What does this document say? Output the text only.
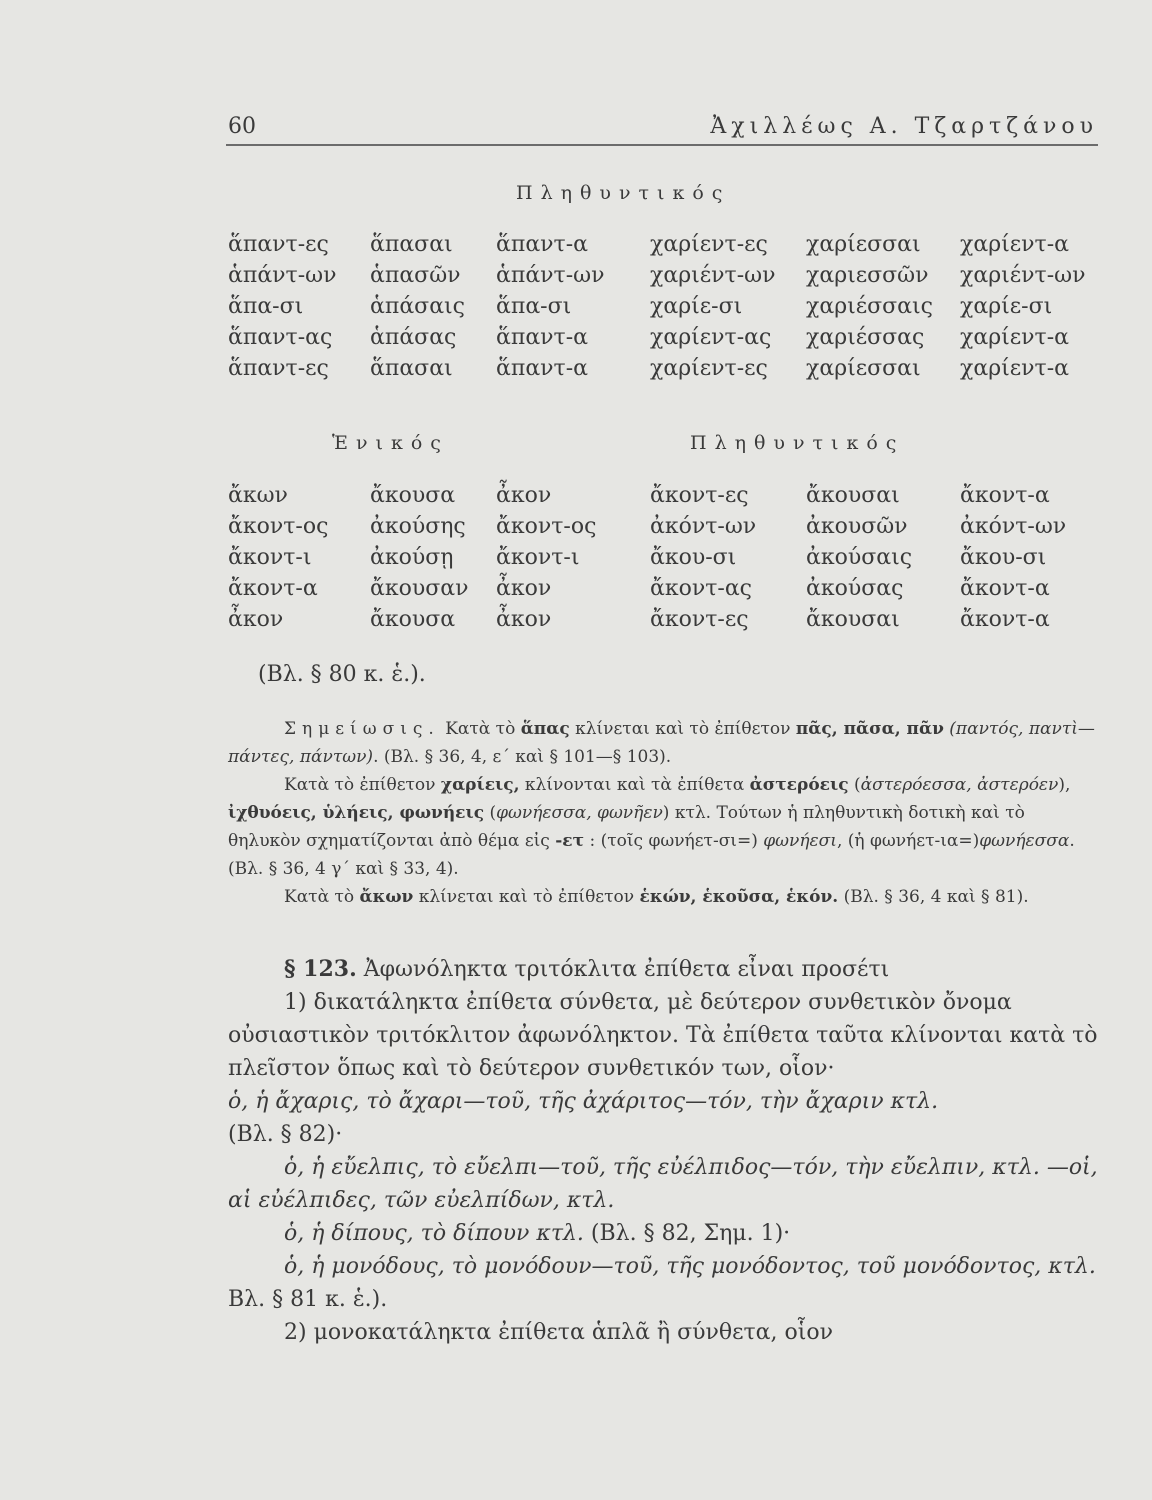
60	Ἀχιλλέως Α. Τζαρτζάνου
Πληθυντικός
ἅπαντ-ες ἅπασαι ἅπαντ-α	χαρίεντ-ες χαρίεσσαι χαρίεντ-α
ἁπάντ-ων ἁπασῶν ἁπάντ-ων χαριέντ-ων χαριεσσῶν χαριέντ-ων
ἅπα-σι	ἁπάσαις ἅπα-σι	χαρίε-σι	χαριέσσαις χαρίε-σι
ἅπαντ-ας ἁπάσας ἅπαντ-α	χαρίεντ-ας χαριέσσας χαρίεντ-α
ἅπαντ-ες ἅπασαι ἅπαντ-α	χαρίεντ-ες χαρίεσσαι χαρίεντ-α
Ἑνικός	Πληθυντικός
ἄκων	ἄκουσα ἆκον	ἄκοντ-ες	ἄκουσαι	ἄκοντ-α
ἄκοντ-ος ἀκούσης ἄκοντ-ος ἀκόντ-ων ἀκουσῶν ἀκόντ-ων
ἄκοντ-ι	ἀκούσῃ ἄκοντ-ι	ἄκου-σι	ἀκούσαις ἄκου-σι
ἄκοντ-α ἄκουσαν ἆκον	ἄκοντ-ας ἀκούσας	ἄκοντ-α
ἆκον	ἄκουσα ἆκον	ἄκοντ-ες	ἄκουσαι	ἄκοντ-α
(Βλ. § 80 κ. ἑ.).

Σημείωσις. Κατὰ τὸ ἅπας κλίνεται καὶ τὸ ἐπίθετον πᾶς, πᾶσα, πᾶν (παντός, παντὶ—πάντες, πάντων). (Βλ. § 36, 4, ε΄ καὶ § 101—§ 103).

Κατὰ τὸ ἐπίθετον χαρίεις, κλίνονται καὶ τὰ ἐπίθετα ἀστερόεις (ἀστερόεσσα, ἀστερόεν), ἰχθυόεις, ὑλήεις, φωνήεις (φωνήεσσα, φωνῆεν) κτλ. Τούτων ἡ πληθυντικὴ δοτικὴ καὶ τὸ θηλυκὸν σχηματίζονται ἀπὸ θέμα εἰς -ετ : (τοῖς φωνήετ-σι=) φωνήεσι, (ἡ φωνήετ-ια=)φωνήεσσα. (Βλ. § 36, 4 γ΄ καὶ § 33, 4).

Κατὰ τὸ ἄκων κλίνεται καὶ τὸ ἐπίθετον ἑκών, ἑκοῦσα, ἑκόν. (Βλ. § 36, 4 καὶ § 81).

§ 123. Ἀφωνόληκτα τριτόκλιτα ἐπίθετα εἶναι προσέτι

1) δικατάληκτα ἐπίθετα σύνθετα, μὲ δεύτερον συνθετικὸν ὄνομα οὐσιαστικὸν τριτόκλιτον ἀφωνόληκτον. Τὰ ἐπίθετα ταῦτα κλίνονται κατὰ τὸ πλεῖστον ὅπως καὶ τὸ δεύτερον συνθετικόν των, οἷον·

ὁ, ἡ ἄχαρις, τὸ ἄχαρι—τοῦ, τῆς ἀχάριτος—τόν, τὴν ἄχαριν κτλ.

(Βλ. § 82)·

ὁ, ἡ εὔελπις, τὸ εὔελπι—τοῦ, τῆς εὐέλπιδος—τόν, τὴν εὔελπιν, κτλ. —οἱ, αἱ εὐέλπιδες, τῶν εὐελπίδων, κτλ.

ὁ, ἡ δίπους, τὸ δίπουν κτλ. (Βλ. § 82, Σημ. 1)·

ὁ, ἡ μονόδους, τὸ μονόδουν—τοῦ, τῆς μονόδοντος, τοῦ μονόδοντος, κτλ. Βλ. § 81 κ. ἑ.).

2) μονοκατάληκτα ἐπίθετα ἁπλᾶ ἢ σύνθετα, οἷον
